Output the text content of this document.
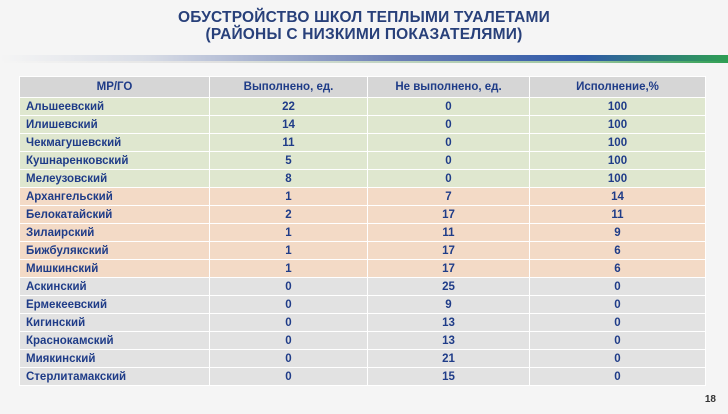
ОБУСТРОЙСТВО ШКОЛ ТЕПЛЫМИ ТУАЛЕТАМИ
(РАЙОНЫ С НИЗКИМИ ПОКАЗАТЕЛЯМИ)
МР/ГО	Выполнено, ед.	Не выполнено, ед.	Исполнение,%
Альшеевский	22	0	100
Илишевский	14	0	100
Чекмагушевский	11	0	100
Кушнаренковский	5	0	100
Мелеузовский	8	0	100
Архангельский	1	7	14
Белокатайский	2	17	11
Зилаирский	1	11	9
Бижбулякский	1	17	6
Мишкинский	1	17	6
Аскинский	0	25	0
Ермекеевский	0	9	0
Кигинский	0	13	0
Краснокамский	0	13	0
Миякинский	0	21	0
Стерлитамакский	0	15	0
18
